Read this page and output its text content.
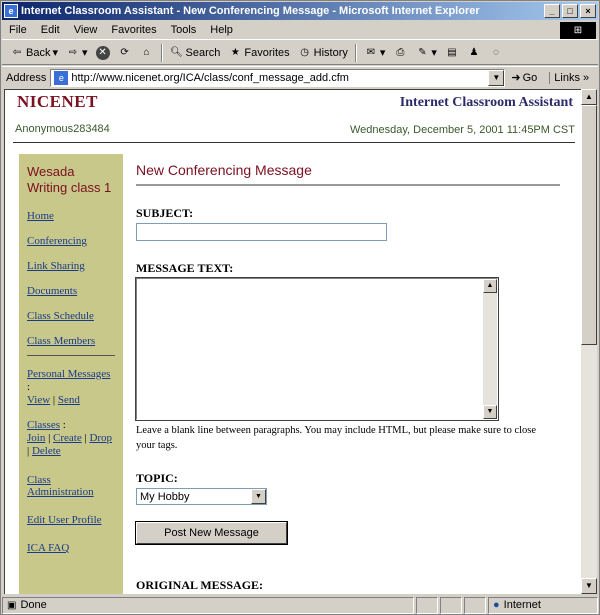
e Internet Classroom Assistant - New Conferencing Message - Microsoft Internet Explorer	_	□	×
File	Edit	View	Favorites	Tools	Help	⊞
⇦ Back ▾ ⇨ ▾ ✕ ⟳	⌂	🔍︎ Search ★ Favorites ◷ History ✉ ▾	⎙	✎ ▾ ▤ ♟	◌
Address	e http://www.nicenet.org/ICA/class/conf_message_add.cfm	▼	➜ Go	Links »
NICENET	Internet Classroom Assistant
Anonymous283484	Wednesday, December 5, 2001 11:45PM CST
Wesada Writing class 1
Home
Conferencing
Link Sharing
Documents
Class Schedule
Class Members
Personal Messages :
View | Send
Classes :
Join | Create | Drop
| Delete
Class Administration
Edit User Profile
ICA FAQ
New Conferencing Message
SUBJECT:
MESSAGE TEXT:
▲
▼
Leave a blank line between paragraphs. You may include HTML, but please make sure to close your tags.
TOPIC:
My Hobby	▼
Post New Message
ORIGINAL MESSAGE:
▲
▼
▣ Done	● Internet
